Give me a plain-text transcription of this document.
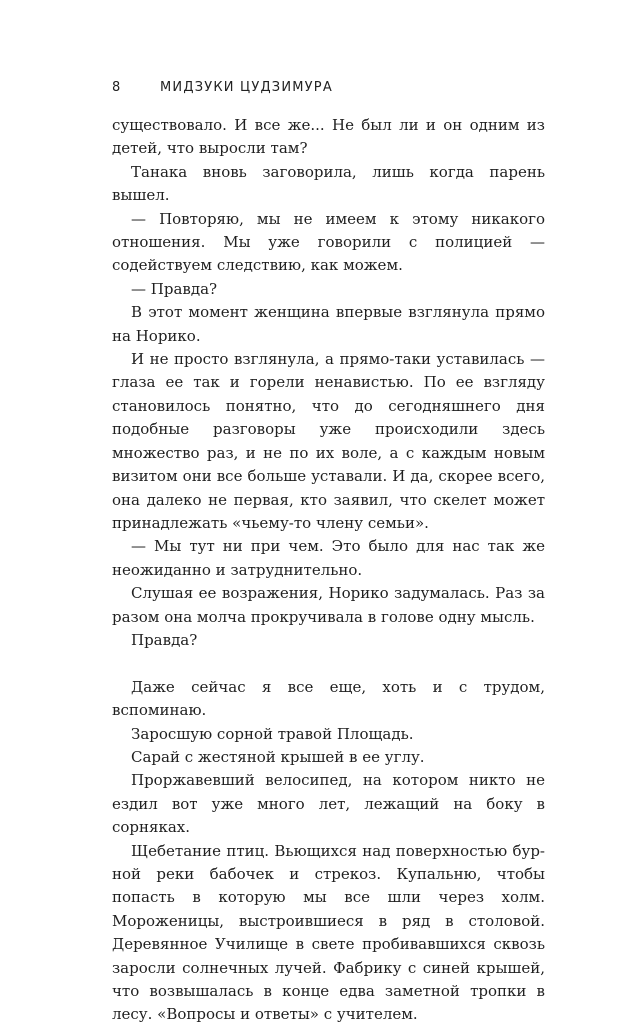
8	МИДЗУКИ ЦУДЗИМУРА

существовало. И все же... Не был ли и он одним из детей, что выросли там?

Танака вновь заговорила, лишь когда парень вышел.

— Повторяю, мы не имеем к этому никакого отношения. Мы уже говорили с полицией — содействуем следствию, как можем.

— Правда?

В этот момент женщина впервые взглянула прямо на Норико.

И не просто взглянула, а прямо-таки уставилась — глаза ее так и горели ненавистью. По ее взгляду становилось понятно, что до сегодняшнего дня подобные разговоры уже происходили здесь множество раз, и не по их воле, а с каждым новым визитом они все больше уставали. И да, скорее всего, она далеко не первая, кто заявил, что скелет может принадлежать «чьему-то члену семьи».

— Мы тут ни при чем. Это было для нас так же неожиданно и затруднительно.

Слушая ее возражения, Норико задумалась. Раз за разом она молча прокручивала в голове одну мысль.

Правда?

Даже сейчас я все еще, хоть и с трудом, вспоминаю.

Заросшую сорной травой Площадь.

Сарай с жестяной крышей в ее углу.

Проржавевший велосипед, на котором никто не ездил вот уже много лет, лежащий на боку в сорняках.

Щебетание птиц. Вьющихся над поверхностью бурной реки бабочек и стрекоз. Купальню, чтобы попасть в которую мы все шли через холм. Мороженицы, выстроившиеся в ряд в столовой. Деревянное Училище в свете пробивавшихся сквозь заросли солнечных лучей. Фабрику с синей крышей, что возвышалась в конце едва заметной тропки в лесу. «Вопросы и ответы» с учителем.
